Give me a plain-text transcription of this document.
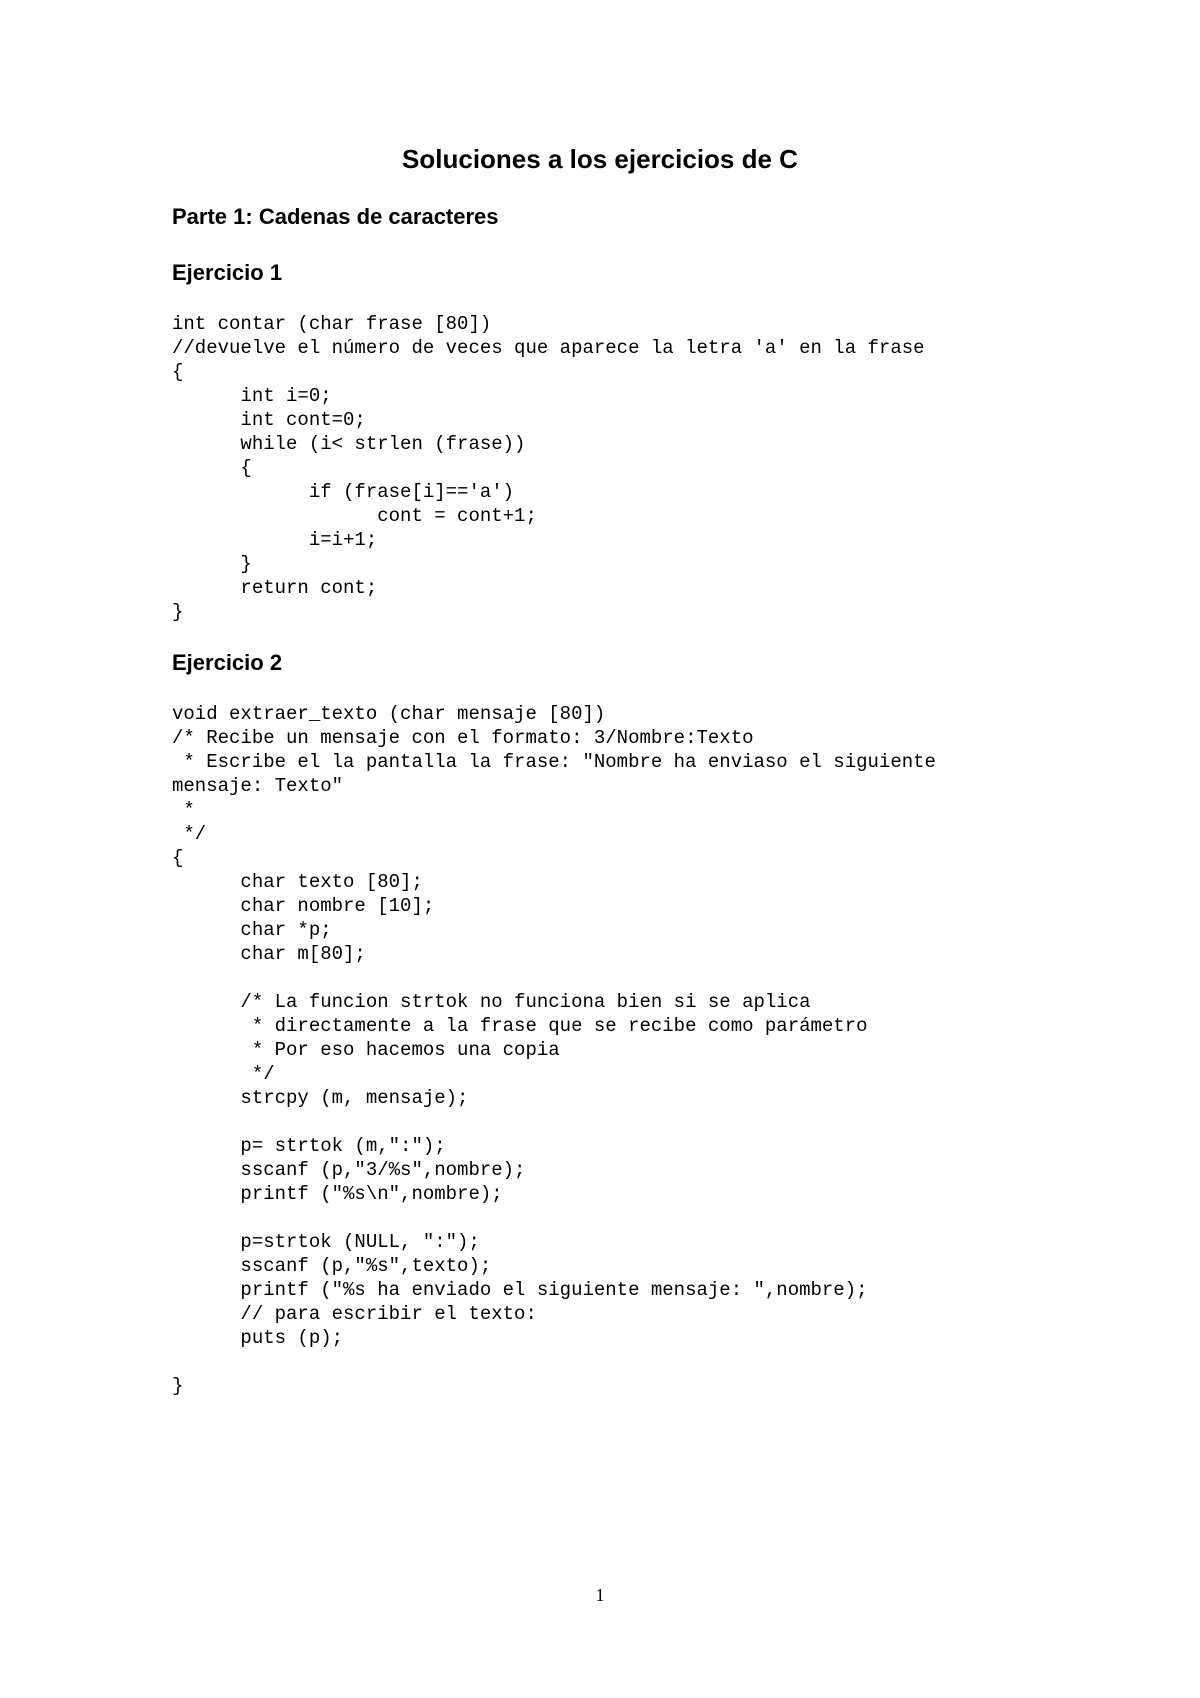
Soluciones a los ejercicios de C
Parte 1: Cadenas de caracteres
Ejercicio 1
int contar (char frase [80])
//devuelve el número de veces que aparece la letra 'a' en la frase
{
int i=0;
int cont=0;
while (i< strlen (frase))
{
if (frase[i]=='a')
cont = cont+1;
i=i+1;
}
return cont;
}
Ejercicio 2
void extraer_texto (char mensaje [80])
/* Recibe un mensaje con el formato: 3/Nombre:Texto
* Escribe el la pantalla la frase: "Nombre ha enviaso el siguiente
mensaje: Texto"
*
*/
{
char texto [80];
char nombre [10];
char *p;
char m[80];
/* La funcion strtok no funciona bien si se aplica
* directamente a la frase que se recibe como parámetro
* Por eso hacemos una copia
*/
strcpy (m, mensaje);
p= strtok (m,":");
sscanf (p,"3/%s",nombre);
printf ("%s\n",nombre);
p=strtok (NULL, ":");
sscanf (p,"%s",texto);
printf ("%s ha enviado el siguiente mensaje: ",nombre);
// para escribir el texto:
puts (p);
}
1
